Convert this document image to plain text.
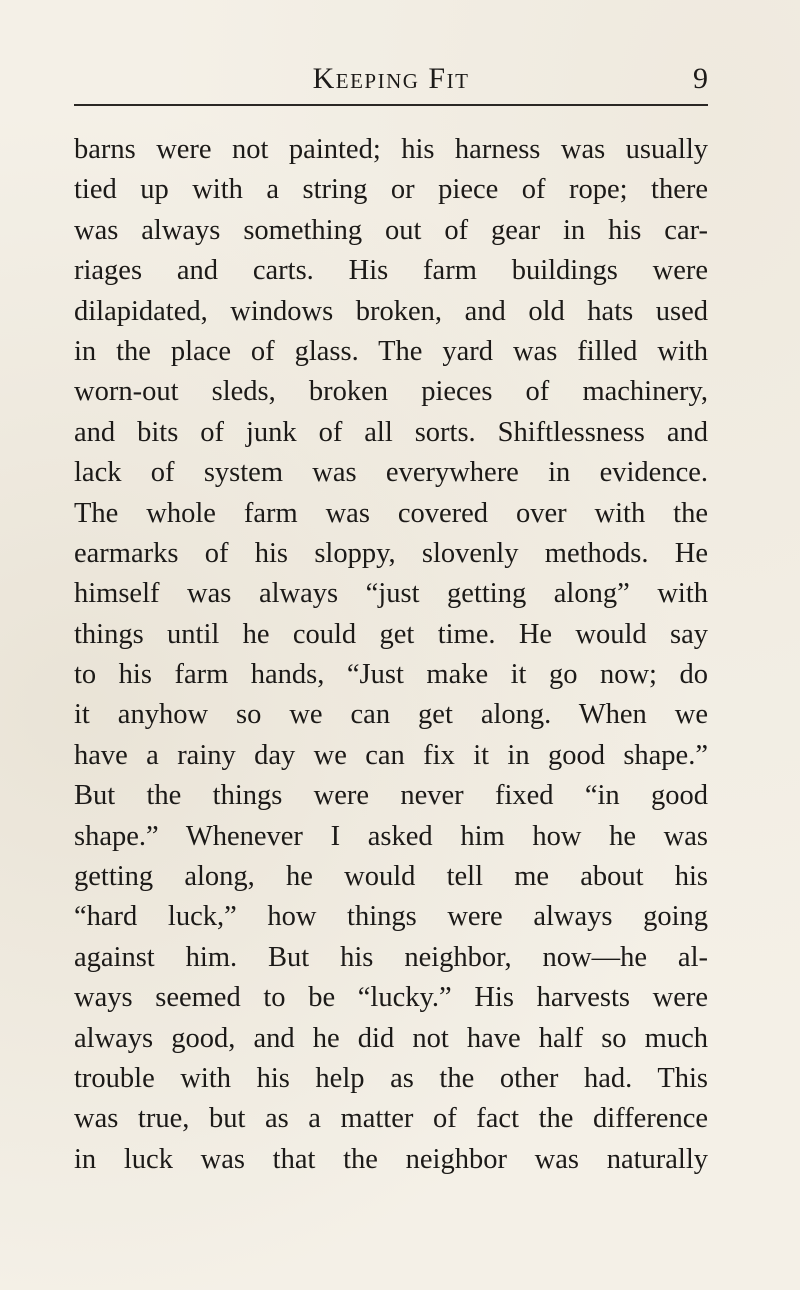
Keeping Fit	9
barns were not painted; his harness was usually
tied up with a string or piece of rope; there
was always something out of gear in his car-
riages and carts. His farm buildings were
dilapidated, windows broken, and old hats used
in the place of glass. The yard was filled with
worn-out sleds, broken pieces of machinery,
and bits of junk of all sorts. Shiftlessness and
lack of system was everywhere in evidence.
The whole farm was covered over with the
earmarks of his sloppy, slovenly methods. He
himself was always “just getting along” with
things until he could get time. He would say
to his farm hands, “Just make it go now; do
it anyhow so we can get along. When we
have a rainy day we can fix it in good shape.”
But the things were never fixed “in good
shape.” Whenever I asked him how he was
getting along, he would tell me about his
“hard luck,” how things were always going
against him. But his neighbor, now—he al-
ways seemed to be “lucky.” His harvests were
always good, and he did not have half so much
trouble with his help as the other had. This
was true, but as a matter of fact the difference
in luck was that the neighbor was naturally
